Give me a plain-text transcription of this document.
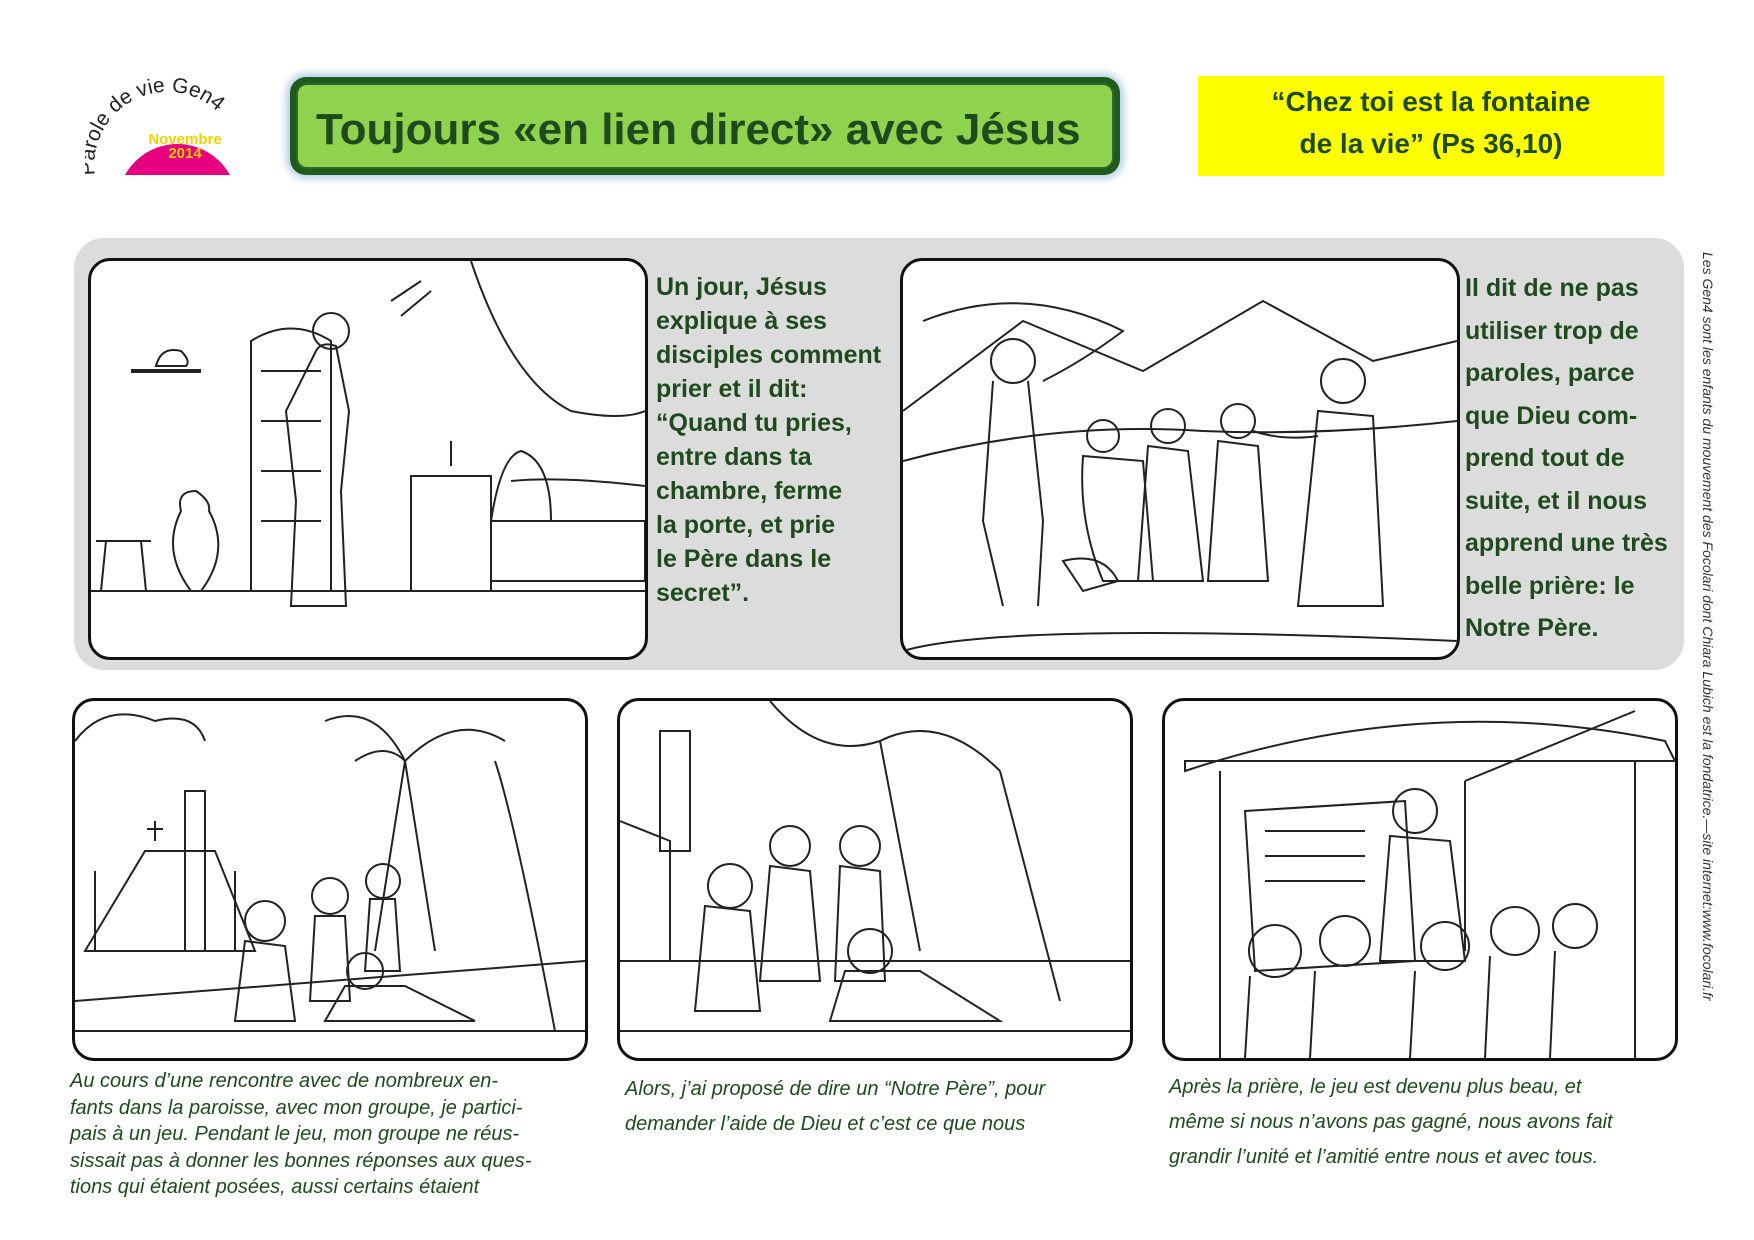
le de vie Gen4
Novembre
2014	Toujours «en lien direct» avec Jésus
“Chez toi est la fontaine
de la vie” (Ps 36,10)
Un jour, Jésus
explique à ses
disciples comment
prier et il dit:
“Quand tu pries,
entre dans ta
chambre, ferme
la porte, et prie
le Père dans le
secret”.
Il dit de ne pas
utiliser trop de
paroles, parce
que Dieu com-
prend tout de
suite, et il nous
apprend une très
belle prière: le
Notre Père.
Au cours d’une rencontre avec de nombreux en-
fants dans la paroisse, avec mon groupe, je partici-
pais à un jeu. Pendant le jeu, mon groupe ne réus-
sissait pas à donner les bonnes réponses aux ques-
tions qui étaient posées, aussi certains étaient
Alors, j’ai proposé de dire un “Notre Père”, pour
demander l’aide de Dieu et c’est ce que nous
Après la prière, le jeu est devenu plus beau, et
même si nous n’avons pas gagné, nous avons fait
grandir l’unité et l’amitié entre nous et avec tous.
Les Gen4 sont les enfants du mouvement des Focolari dont Chiara Lubich est la fondatrice.—site internet:www.focolari.fr
